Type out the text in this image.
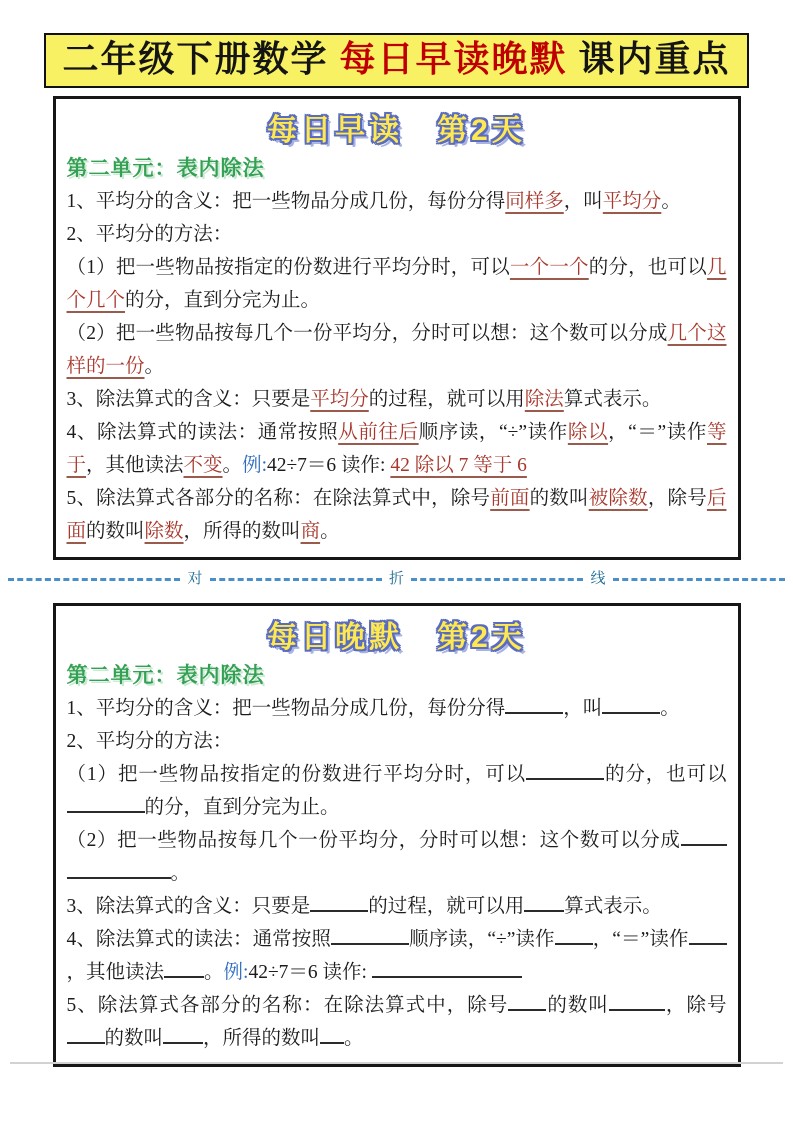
二年级下册数学 每日早读晚默 课内重点
每日早读　第2天
第二单元：表内除法

1、平均分的含义：把一些物品分成几份，每份分得同样多，叫平均分。

2、平均分的方法：

（1）把一些物品按指定的份数进行平均分时，可以一个一个的分，也可以几个几个的分，直到分完为止。

（2）把一些物品按每几个一份平均分，分时可以想：这个数可以分成几个这样的一份。

3、除法算式的含义：只要是平均分的过程，就可以用除法算式表示。

4、除法算式的读法：通常按照从前往后顺序读，“÷”读作除以，“＝”读作等于，其他读法不变。例:42÷7＝6 读作: 42 除以 7 等于 6

5、除法算式各部分的名称：在除法算式中，除号前面的数叫被除数，除号后面的数叫除数，所得的数叫商。

对	折	线
每日晚默　第2天
第二单元：表内除法

1、平均分的含义：把一些物品分成几份，每份分得	，叫	。

2、平均分的方法：

（1）把一些物品按指定的份数进行平均分时，可以	的分，也可以的分，直到分完为止。

（2）把一些物品按每几个一份平均分，分时可以想：这个数可以分成。

3、除法算式的含义：只要是	的过程，就可以用 算式表示。

4、除法算式的读法：通常按照	顺序读，“÷”读作 ，“＝”读作，其他读法 。例:42÷7＝6 读作:

5、除法算式各部分的名称：在除法算式中，除号 的数叫	，除号的数叫 ，所得的数叫 。
